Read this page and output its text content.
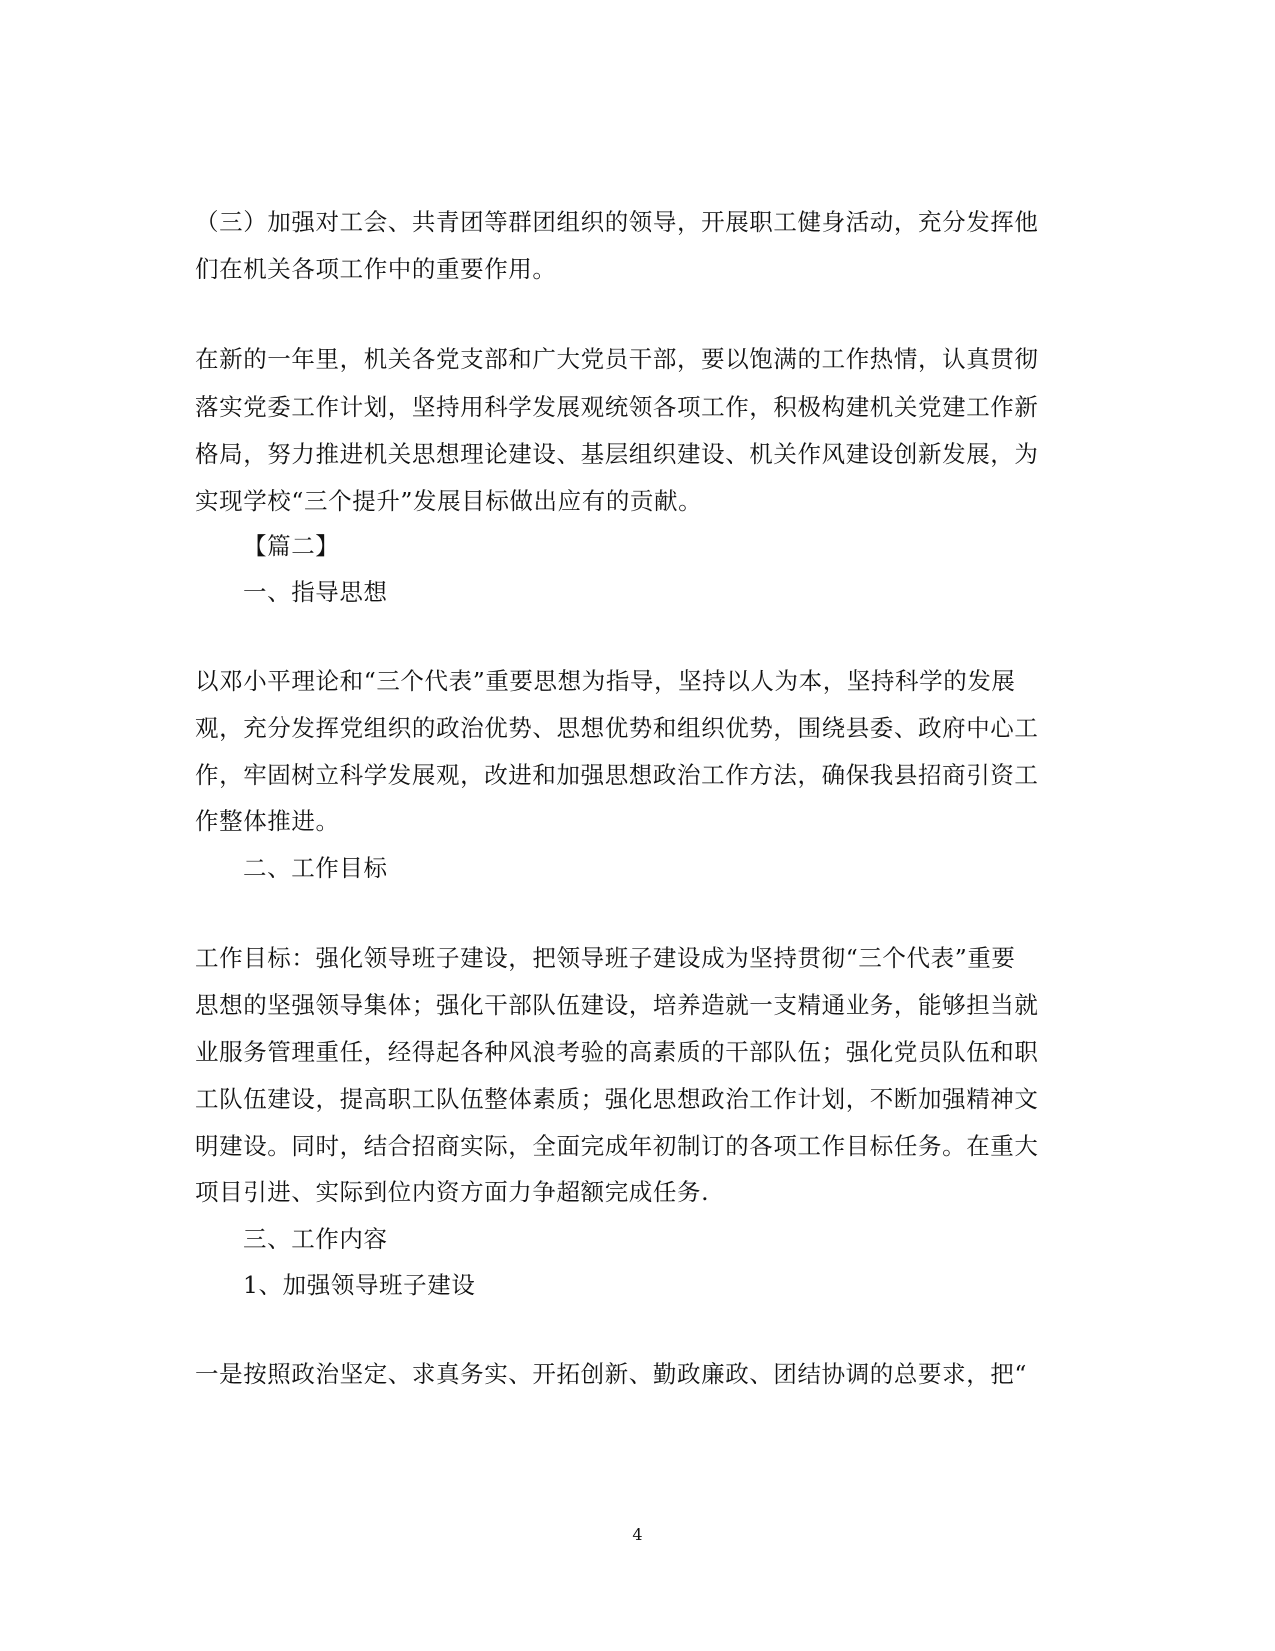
（三）加强对工会、共青团等群团组织的领导，开展职工健身活动，充分发挥他
们在机关各项工作中的重要作用。
在新的一年里，机关各党支部和广大党员干部，要以饱满的工作热情，认真贯彻
落实党委工作计划，坚持用科学发展观统领各项工作，积极构建机关党建工作新
格局，努力推进机关思想理论建设、基层组织建设、机关作风建设创新发展，为
实现学校“三个提升”发展目标做出应有的贡献。
【篇二】
一、指导思想
以邓小平理论和“三个代表”重要思想为指导，坚持以人为本，坚持科学的发展
观，充分发挥党组织的政治优势、思想优势和组织优势，围绕县委、政府中心工
作，牢固树立科学发展观，改进和加强思想政治工作方法，确保我县招商引资工
作整体推进。
二、工作目标
工作目标：强化领导班子建设，把领导班子建设成为坚持贯彻“三个代表”重要
思想的坚强领导集体；强化干部队伍建设，培养造就一支精通业务，能够担当就
业服务管理重任，经得起各种风浪考验的高素质的干部队伍；强化党员队伍和职
工队伍建设，提高职工队伍整体素质；强化思想政治工作计划，不断加强精神文
明建设。同时，结合招商实际，全面完成年初制订的各项工作目标任务。在重大
项目引进、实际到位内资方面力争超额完成任务.
三、工作内容
1、加强领导班子建设
一是按照政治坚定、求真务实、开拓创新、勤政廉政、团结协调的总要求，把“
4
